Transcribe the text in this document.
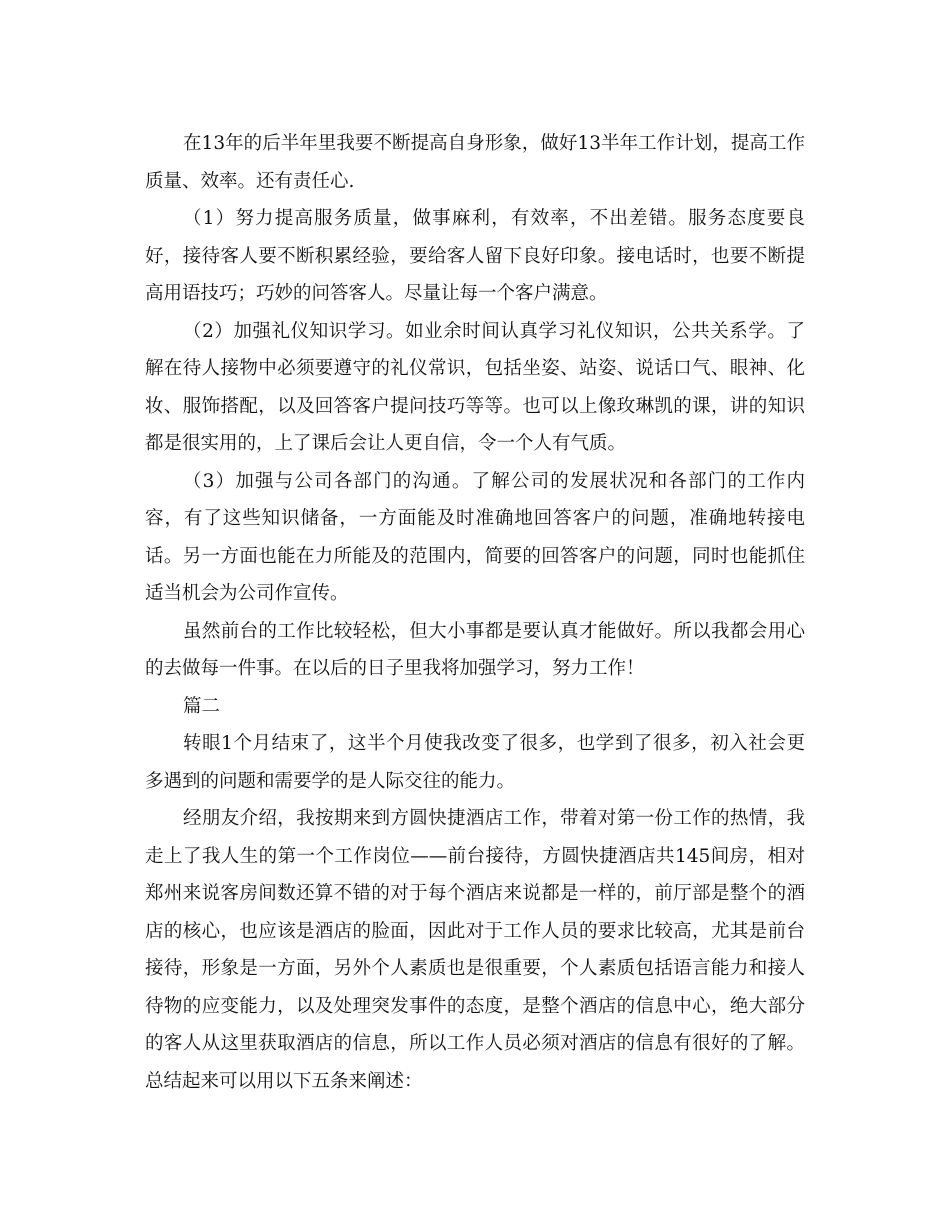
在13年的后半年里我要不断提高自身形象，做好13半年工作计划，提高工作质量、效率。还有责任心.

（1）努力提高服务质量，做事麻利，有效率，不出差错。服务态度要良好，接待客人要不断积累经验，要给客人留下良好印象。接电话时，也要不断提高用语技巧；巧妙的问答客人。尽量让每一个客户满意。

（2）加强礼仪知识学习。如业余时间认真学习礼仪知识，公共关系学。了解在待人接物中必须要遵守的礼仪常识，包括坐姿、站姿、说话口气、眼神、化妆、服饰搭配，以及回答客户提问技巧等等。也可以上像玫琳凯的课，讲的知识都是很实用的，上了课后会让人更自信，令一个人有气质。

（3）加强与公司各部门的沟通。了解公司的发展状况和各部门的工作内容，有了这些知识储备，一方面能及时准确地回答客户的问题，准确地转接电话。另一方面也能在力所能及的范围内，简要的回答客户的问题，同时也能抓住适当机会为公司作宣传。

虽然前台的工作比较轻松，但大小事都是要认真才能做好。所以我都会用心的去做每一件事。在以后的日子里我将加强学习，努力工作！

篇二

转眼1个月结束了，这半个月使我改变了很多，也学到了很多，初入社会更多遇到的问题和需要学的是人际交往的能力。

经朋友介绍，我按期来到方圆快捷酒店工作，带着对第一份工作的热情，我走上了我人生的第一个工作岗位——前台接待，方圆快捷酒店共145间房，相对郑州来说客房间数还算不错的对于每个酒店来说都是一样的，前厅部是整个的酒店的核心，也应该是酒店的脸面，因此对于工作人员的要求比较高，尤其是前台接待，形象是一方面，另外个人素质也是很重要，个人素质包括语言能力和接人待物的应变能力，以及处理突发事件的态度，是整个酒店的信息中心，绝大部分的客人从这里获取酒店的信息，所以工作人员必须对酒店的信息有很好的了解。总结起来可以用以下五条来阐述：
